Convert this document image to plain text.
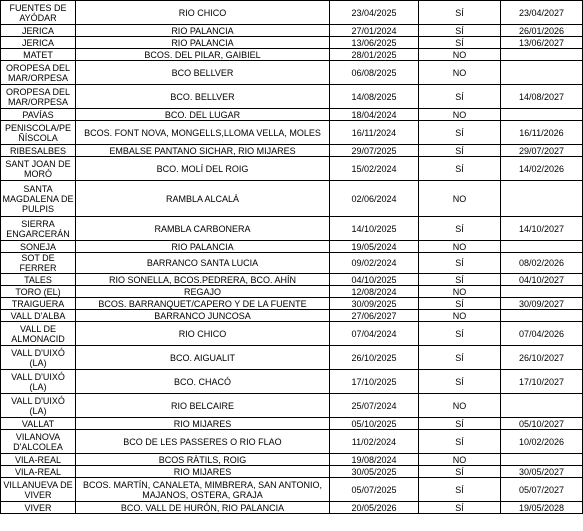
FUENTES DE AYÓDAR	RIO CHICO	23/04/2025	SÍ	23/04/2027
JERICA	RIO PALANCIA	27/01/2024	SÍ	26/01/2026
JERICA	RIO PALANCIA	13/06/2025	SÍ	13/06/2027
MATET	BCOS. DEL PILAR, GAIBIEL	28/01/2025	NO	
OROPESA DEL MAR/ORPESA	BCO BELLVER	06/08/2025	NO	
OROPESA DEL MAR/ORPESA	BCO. BELLVER	14/08/2025	SÍ	14/08/2027
PAVÍAS	BCO. DEL LUGAR	18/04/2024	NO	
PENISCOLA/PEÑÍSCOLA	BCOS. FONT NOVA, MONGELLS,LLOMA VELLA, MOLES	16/11/2024	SÍ	16/11/2026
RIBESALBES	EMBALSE PANTANO SICHAR, RIO MIJARES	29/07/2025	SÍ	29/07/2027
SANT JOAN DE MORÓ	BCO. MOLÍ DEL ROIG	15/02/2024	SÍ	14/02/2026
SANTA MAGDALENA DE PULPIS	RAMBLA ALCALÁ	02/06/2024	NO	
SIERRA ENGARCERÁN	RAMBLA CARBONERA	14/10/2025	SÍ	14/10/2027
SONEJA	RIO PALANCIA	19/05/2024	NO	
SOT DE FERRER	BARRANCO SANTA LUCIA	09/02/2024	SÍ	08/02/2026
TALES	RIO SONELLA, BCOS.PEDRERA, BCO. AHÍN	04/10/2025	SÍ	04/10/2027
TORO (EL)	REGAJO	12/08/2024	NO	
TRAIGUERA	BCOS. BARRANQUET/CAPERO Y DE LA FUENTE	30/09/2025	SÍ	30/09/2027
VALL D'ALBA	BARRANCO JUNCOSA	27/06/2027	NO	
VALL DE ALMONACID	RIO CHICO	07/04/2024	SÍ	07/04/2026
VALL D'UIXÓ (LA)	BCO. AIGUALIT	26/10/2025	SÍ	26/10/2027
VALL D'UIXÓ (LA)	BCO. CHACÓ	17/10/2025	SÍ	17/10/2027
VALL D'UIXÓ (LA)	RIO BELCAIRE	25/07/2024	NO	
VALLAT	RIO MIJARES	05/10/2025	SÍ	05/10/2027
VILANOVA D'ALCOLEA	BCO DE LES PASSERES O RIO FLAO	11/02/2024	SÍ	10/02/2026
VILA-REAL	BCOS RÀTILS, ROIG	19/08/2024	NO	
VILA-REAL	RIO MIJARES	30/05/2025	SÍ	30/05/2027
VILLANUEVA DE VIVER	BCOS. MARTÍN, CANALETA, MIMBRERA, SAN ANTONIO, MAJANOS, OSTERA, GRAJA	05/07/2025	SÍ	05/07/2027
VIVER	BCO. VALL DE HURÓN, RIO PALANCIA	20/05/2026	SÍ	19/05/2028
